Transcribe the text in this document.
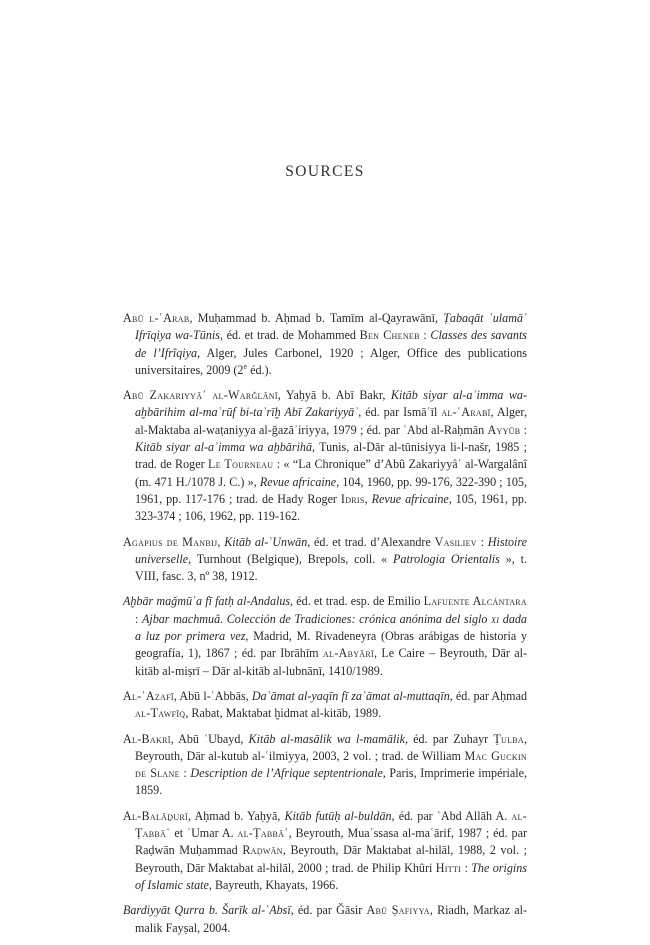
SOURCES

Abū l-ʿArab, Muḥammad b. Aḥmad b. Tamīm al-Qayrawānī, Ṭabaqāt ʿulamāʾ Ifrīqiya wa-Tūnis, éd. et trad. de Mohammed Ben Cheneb : Classes des savants de l’Ifrîqiya, Alger, Jules Carbonel, 1920 ; Alger, Office des publications universitaires, 2009 (2e éd.).

Abū Zakariyyāʾ al-Warǧlānī, Yaḥyā b. Abī Bakr, Kitāb siyar al-aʾimma wa-aḫbārihim al-maʿrūf bi-taʾrīḫ Abī Zakariyyāʾ, éd. par Ismāʿīl al-ʿArabī, Alger, al-Maktaba al-waṭaniyya al-ǧazāʾiriyya, 1979 ; éd. par ʿAbd al-Raḥmān Ayyūb : Kitāb siyar al-aʾimma wa aḫbārihā, Tunis, al-Dār al-tūnisiyya li-l-našr, 1985 ; trad. de Roger Le Tourneau : « “La Chronique” d’Abû Zakariyyâʾ al-Wargalânî (m. 471 H./1078 J. C.) », Revue africaine, 104, 1960, pp. 99-176, 322-390 ; 105, 1961, pp. 117-176 ; trad. de Hady Roger Idris, Revue africaine, 105, 1961, pp. 323-374 ; 106, 1962, pp. 119-162.

Agapius de Manbij, Kitāb al-ʿUnwān, éd. et trad. d’Alexandre Vasiliev : Histoire universelle, Turnhout (Belgique), Brepols, coll. « Patrologia Orientalis », t. VIII, fasc. 3, nº 38, 1912.

Aḫbār maǧmūʿa fī fatḥ al-Andalus, éd. et trad. esp. de Emilio Lafuente Alcántara : Ajbar machmuâ. Colección de Tradiciones: crónica anónima del siglo xi dada a luz por primera vez, Madrid, M. Rivadeneyra (Obras arábigas de historia y geografía, 1), 1867 ; éd. par Ibrāhīm al-Abyārī, Le Caire – Beyrouth, Dār al-kitāb al-miṣrī – Dār al-kitāb al-lubnānī, 1410/1989.

Al-ʾAzafī, Abū l-ʿAbbās, Daʿāmat al-yaqīn fī zaʿāmat al-muttaqīn, éd. par Aḥmad al-Tawfīq, Rabat, Maktabat ḫidmat al-kitāb, 1989.

Al-Bakrī, Abū ʿUbayd, Kitāb al-masālik wa l-mamālik, éd. par Zuhayr Ṭulba, Beyrouth, Dār al-kutub al-ʿilmiyya, 2003, 2 vol. ; trad. de William Mac Guckin de Slane : Description de l’Afrique septentrionale, Paris, Imprimerie impériale, 1859.

Al-Balāḏurī, Aḥmad b. Yaḥyā, Kitāb futūḥ al-buldān, éd. par ʿAbd Allāh A. al-Ṭabbāʿ et ʿUmar A. al-Ṭabbāʿ, Beyrouth, Muaʾssasa al-maʿārif, 1987 ; éd. par Raḍwān Muḥammad Raḍwān, Beyrouth, Dār Maktabat al-hilāl, 1988, 2 vol. ; Beyrouth, Dār Maktabat al-hilāl, 2000 ; trad. de Philip Khûri Hitti : The origins of Islamic state, Bayreuth, Khayats, 1966.

Bardiyyāt Qurra b. Šarīk al-ʿAbsī, éd. par Ǧāsir Abū Ṣafiyya, Riadh, Markaz al-malik Fayṣal, 2004.
